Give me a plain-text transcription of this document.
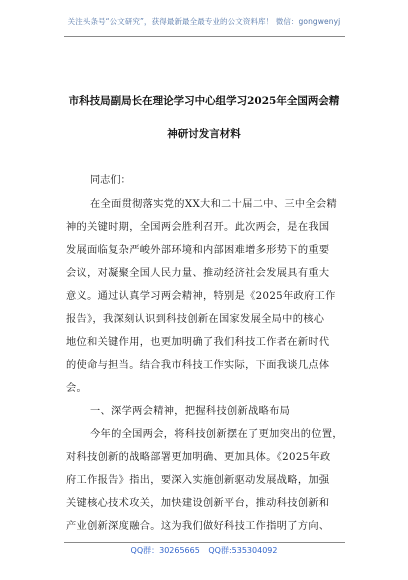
关注头条号“公文研究”，获得最新最全最专业的公文资料库！ 微信：gongwenyj
市科技局副局长在理论学习中心组学习2025年全国两会精
神研讨发言材料
同志们：
在全面贯彻落实党的XX大和二十届二中、三中全会精
神的关键时期，全国两会胜利召开。此次两会，是在我国
发展面临复杂严峻外部环境和内部困难增多形势下的重要
会议，对凝聚全国人民力量、推动经济社会发展具有重大
意义。通过认真学习两会精神，特别是《2025年政府工作
报告》，我深刻认识到科技创新在国家发展全局中的核心
地位和关键作用，也更加明确了我们科技工作者在新时代
的使命与担当。结合我市科技工作实际，下面我谈几点体
会。
一、深学两会精神，把握科技创新战略布局
今年的全国两会，将科技创新摆在了更加突出的位置，
对科技创新的战略部署更加明确、更加具体。《2025年政
府工作报告》指出，要深入实施创新驱动发展战略，加强
关键核心技术攻关，加快建设创新平台，推动科技创新和
产业创新深度融合。这为我们做好科技工作指明了方向、
QQ群：30265665 QQ群:535304092
